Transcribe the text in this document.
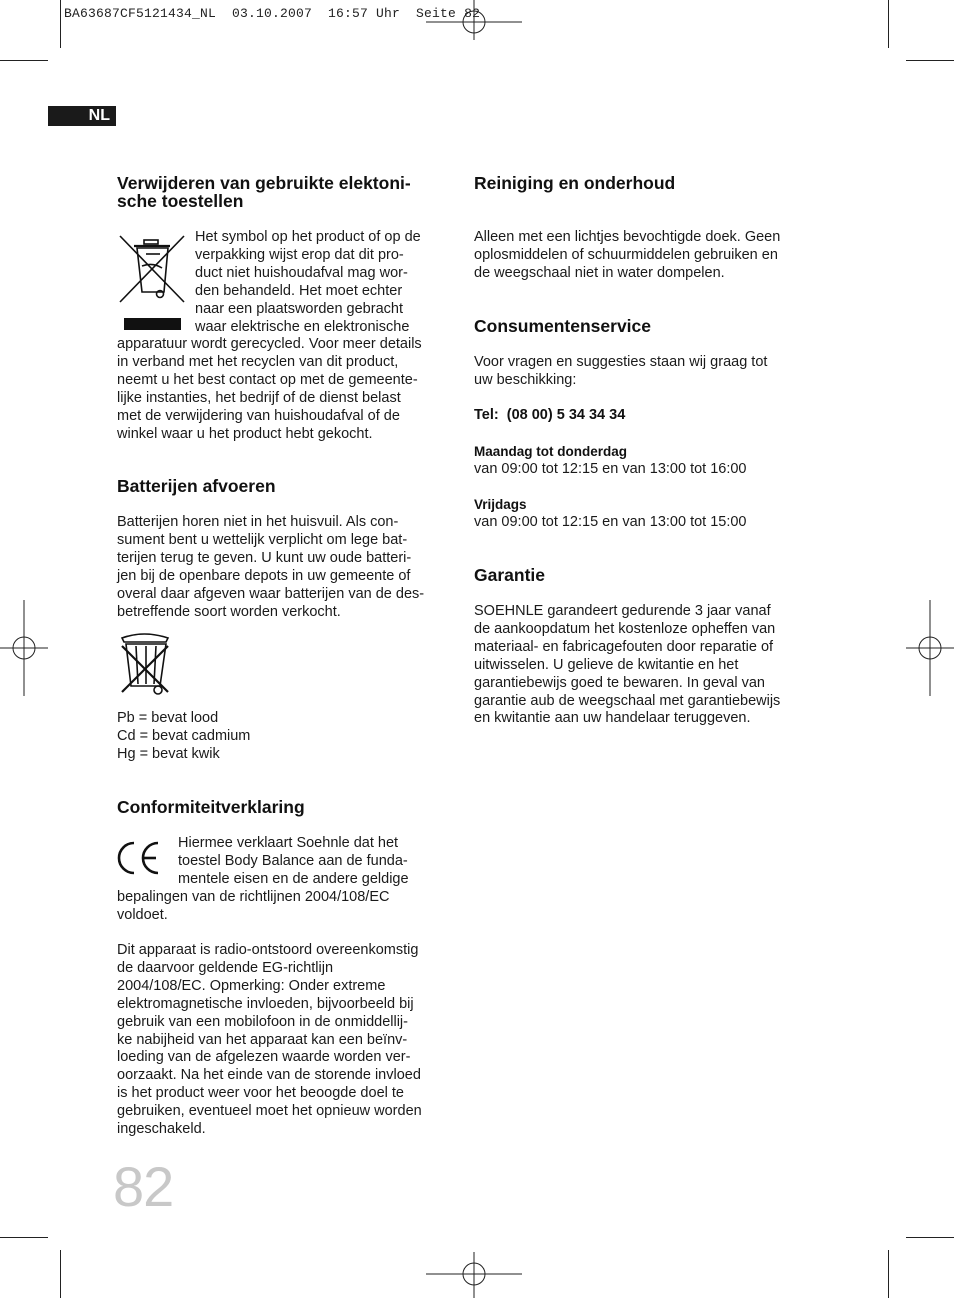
BA63687CF5121434_NL  03.10.2007  16:57 Uhr  Seite 82
NL
Verwijderen van gebruikte elektoni-
sche toestellen

Het symbol op het product of op de

verpakking wijst erop dat dit pro-

duct niet huishoudafval mag wor-

den behandeld. Het moet echter

naar een plaatsworden gebracht

waar elektrische en elektronische

apparatuur wordt gerecycled. Voor meer details

in verband met het recyclen van dit product,

neemt u het best contact op met de gemeente-

lijke instanties, het bedrijf of de dienst belast

met de verwijdering van huishoudafval of de

winkel waar u het product hebt gekocht.

Batterijen afvoeren

Batterijen horen niet in het huisvuil. Als con-

sument bent u wettelijk verplicht om lege bat-

terijen terug te geven. U kunt uw oude batteri-

jen bij de openbare depots in uw gemeente of

overal daar afgeven waar batterijen van de des-

betreffende soort worden verkocht.

Pb = bevat lood

Cd = bevat cadmium

Hg = bevat kwik

Conformiteitverklaring

Hiermee verklaart Soehnle dat het

toestel Body Balance aan de funda-

mentele eisen en de andere geldige

bepalingen van de richtlijnen 2004/108/EC

voldoet.

Dit apparaat is radio-ontstoord overeenkomstig

de daarvoor geldende EG-richtlijn

2004/108/EC. Opmerking: Onder extreme

elektromagnetische invloeden, bijvoorbeeld bij

gebruik van een mobilofoon in de onmiddellij-

ke nabijheid van het apparaat kan een beïnv-

loeding van de afgelezen waarde worden ver-

oorzaakt. Na het einde van de storende invloed

is het product weer voor het beoogde doel te

gebruiken, eventueel moet het opnieuw worden

ingeschakeld.

Reiniging en onderhoud

Alleen met een lichtjes bevochtigde doek. Geen

oplosmiddelen of schuurmiddelen gebruiken en

de weegschaal niet in water dompelen.

Consumentenservice

Voor vragen en suggesties staan wij graag tot

uw beschikking:

Tel:  (08 00) 5 34 34 34

Maandag tot donderdag

van 09:00 tot 12:15 en van 13:00 tot 16:00

Vrijdags

van 09:00 tot 12:15 en van 13:00 tot 15:00

Garantie

SOEHNLE garandeert gedurende 3 jaar vanaf

de aankoopdatum het kostenloze opheffen van

materiaal- en fabricagefouten door reparatie of

uitwisselen. U gelieve de kwitantie en het

garantiebewijs goed te bewaren. In geval van

garantie aub de weegschaal met garantiebewijs

en kwitantie aan uw handelaar teruggeven.

82
